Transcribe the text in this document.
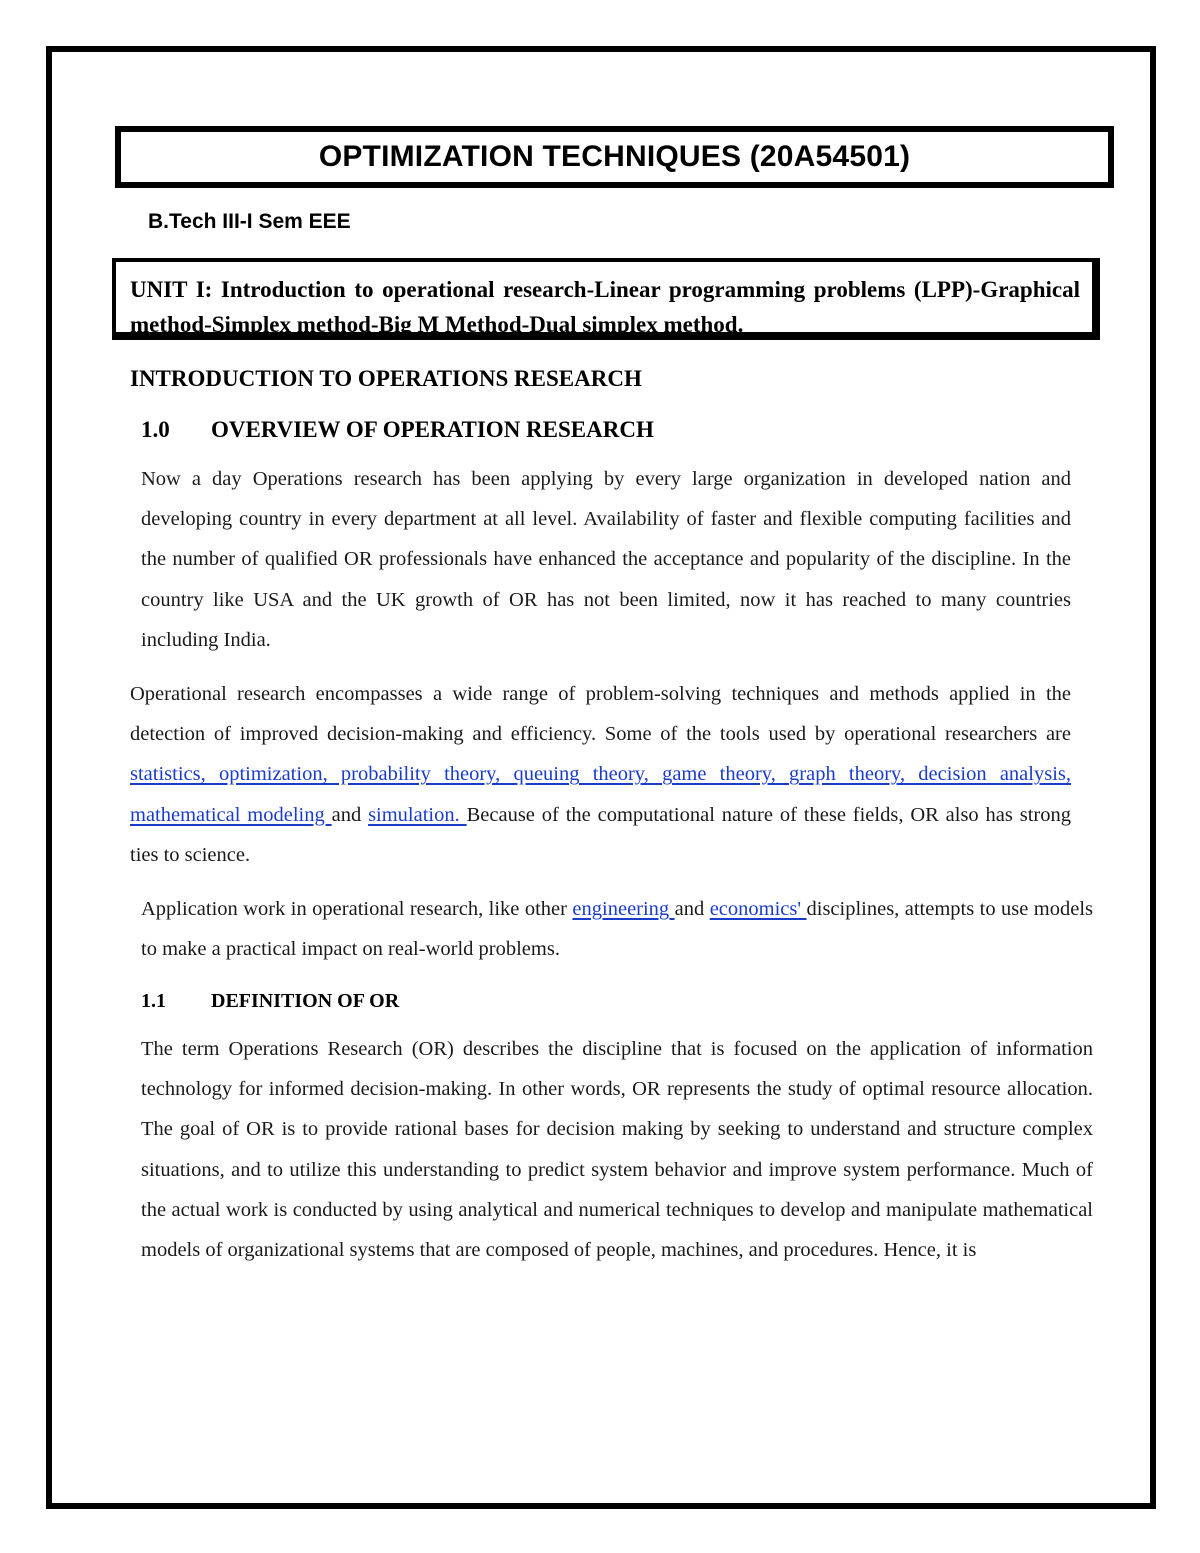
OPTIMIZATION TECHNIQUES (20A54501)
B.Tech III-I Sem EEE

UNIT I: Introduction to operational research-Linear programming problems (LPP)-Graphical method-Simplex method-Big M Method-Dual simplex method.

INTRODUCTION TO OPERATIONS RESEARCH
1.0	OVERVIEW OF OPERATION RESEARCH

Now a day Operations research has been applying by every large organization in developed nation and developing country in every department at all level. Availability of faster and flexible computing facilities and the number of qualified OR professionals have enhanced the acceptance and popularity of the discipline. In the country like USA and the UK growth of OR has not been limited, now it has reached to many countries including India.

Operational research encompasses a wide range of problem-solving techniques and methods applied in the detection of improved decision-making and efficiency. Some of the tools used by operational researchers are statistics, optimization, probability theory, queuing theory, game theory, graph theory, decision analysis, mathematical modeling and simulation. Because of the computational nature of these fields, OR also has strong ties to science.

Application work in operational research, like other engineering and economics' disciplines, attempts to use models to make a practical impact on real-world problems.

1.1	DEFINITION OF OR

The term Operations Research (OR) describes the discipline that is focused on the application of information technology for informed decision-making. In other words, OR represents the study of optimal resource allocation. The goal of OR is to provide rational bases for decision making by seeking to understand and structure complex situations, and to utilize this understanding to predict system behavior and improve system performance. Much of the actual work is conducted by using analytical and numerical techniques to develop and manipulate mathematical models of organizational systems that are composed of people, machines, and procedures. Hence, it is
